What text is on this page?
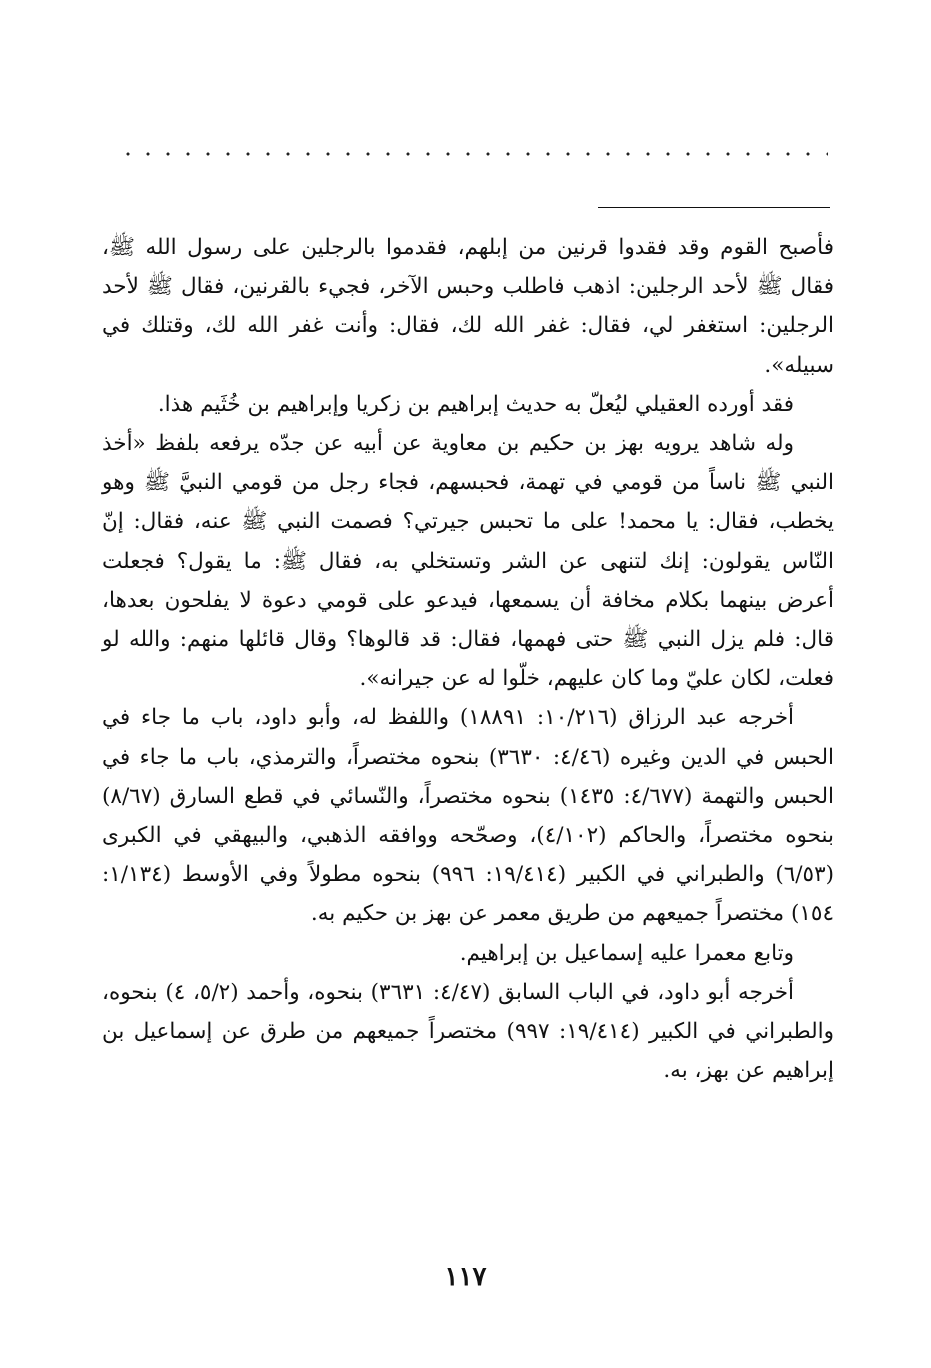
فأصبح القوم وقد فقدوا قرنين من إبلهم، فقدموا بالرجلين على رسول الله ﷺ، فقال ﷺ لأحد الرجلين: اذهب فاطلب وحبس الآخر، فجيء بالقرنين، فقال ﷺ لأحد الرجلين: استغفر لي، فقال: غفر الله لك، فقال: وأنت غفر الله لك، وقتلك في سبيله».

فقد أورده العقيلي ليُعلّ به حديث إبراهيم بن زكريا وإبراهيم بن خُثَيم هذا.

وله شاهد يرويه بهز بن حكيم بن معاوية عن أبيه عن جدّه يرفعه بلفظ «أخذ النبي ﷺ ناساً من قومي في تهمة، فحبسهم، فجاء رجل من قومي النبيَّ ﷺ وهو يخطب، فقال: يا محمد! على ما تحبس جيرتي؟ فصمت النبي ﷺ عنه، فقال: إنّ النّاس يقولون: إنك لتنهى عن الشر وتستخلي به، فقال ﷺ: ما يقول؟ فجعلت أعرض بينهما بكلام مخافة أن يسمعها، فيدعو على قومي دعوة لا يفلحون بعدها، قال: فلم يزل النبي ﷺ حتى فهمها، فقال: قد قالوها؟ وقال قائلها منهم: والله لو فعلت، لكان عليّ وما كان عليهم، خلّوا له عن جيرانه».

أخرجه عبد الرزاق (١٠/٢١٦: ١٨٨٩١) واللفظ له، وأبو داود، باب ما جاء في الحبس في الدين وغيره (٤/٤٦: ٣٦٣٠) بنحوه مختصراً، والترمذي، باب ما جاء في الحبس والتهمة (٤/٦٧٧: ١٤٣٥) بنحوه مختصراً، والنّسائي في قطع السارق (٨/٦٧) بنحوه مختصراً، والحاكم (٤/١٠٢)، وصحّحه ووافقه الذهبي، والبيهقي في الكبرى (٦/٥٣) والطبراني في الكبير (١٩/٤١٤: ٩٩٦) بنحوه مطولاً وفي الأوسط (١/١٣٤: ١٥٤) مختصراً جميعهم من طريق معمر عن بهز بن حكيم به.

وتابع معمرا عليه إسماعيل بن إبراهيم.

أخرجه أبو داود، في الباب السابق (٤/٤٧: ٣٦٣١) بنحوه، وأحمد (٥/٢، ٤) بنحوه، والطبراني في الكبير (١٩/٤١٤: ٩٩٧) مختصراً جميعهم من طرق عن إسماعيل بن إبراهيم عن بهز، به.

١١٧
